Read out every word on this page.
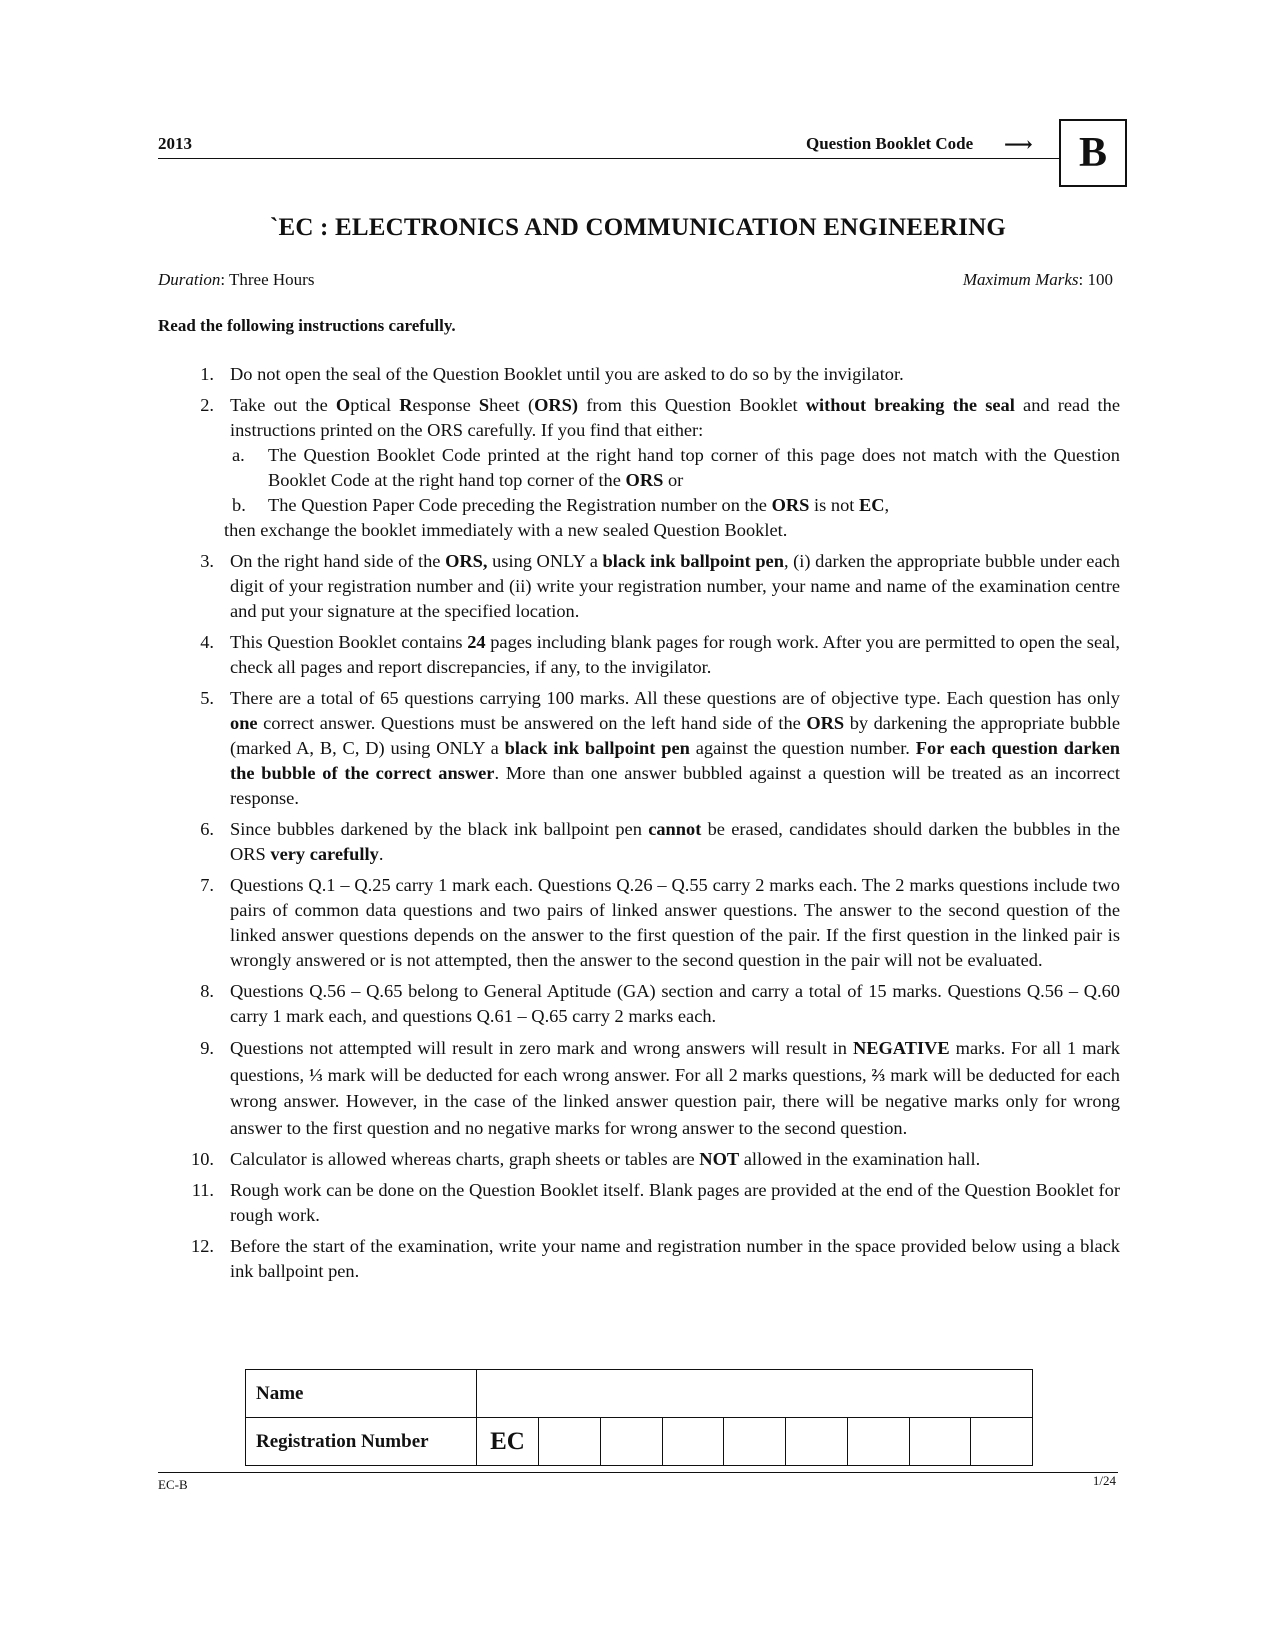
2013	Question Booklet Code ⟶	B
`EC : ELECTRONICS AND COMMUNICATION ENGINEERING
Duration: Three Hours	Maximum Marks: 100
Read the following instructions carefully.
1. Do not open the seal of the Question Booklet until you are asked to do so by the invigilator.
2. Take out the Optical Response Sheet (ORS) from this Question Booklet without breaking the seal and read the instructions printed on the ORS carefully. If you find that either:
a. The Question Booklet Code printed at the right hand top corner of this page does not match with the Question Booklet Code at the right hand top corner of the ORS or
b. The Question Paper Code preceding the Registration number on the ORS is not EC,
then exchange the booklet immediately with a new sealed Question Booklet.
3. On the right hand side of the ORS, using ONLY a black ink ballpoint pen, (i) darken the appropriate bubble under each digit of your registration number and (ii) write your registration number, your name and name of the examination centre and put your signature at the specified location.
4. This Question Booklet contains 24 pages including blank pages for rough work. After you are permitted to open the seal, check all pages and report discrepancies, if any, to the invigilator.
5. There are a total of 65 questions carrying 100 marks. All these questions are of objective type. Each question has only one correct answer. Questions must be answered on the left hand side of the ORS by darkening the appropriate bubble (marked A, B, C, D) using ONLY a black ink ballpoint pen against the question number. For each question darken the bubble of the correct answer. More than one answer bubbled against a question will be treated as an incorrect response.
6. Since bubbles darkened by the black ink ballpoint pen cannot be erased, candidates should darken the bubbles in the ORS very carefully.
7. Questions Q.1 – Q.25 carry 1 mark each. Questions Q.26 – Q.55 carry 2 marks each. The 2 marks questions include two pairs of common data questions and two pairs of linked answer questions. The answer to the second question of the linked answer questions depends on the answer to the first question of the pair. If the first question in the linked pair is wrongly answered or is not attempted, then the answer to the second question in the pair will not be evaluated.
8. Questions Q.56 – Q.65 belong to General Aptitude (GA) section and carry a total of 15 marks. Questions Q.56 – Q.60 carry 1 mark each, and questions Q.61 – Q.65 carry 2 marks each.
9. Questions not attempted will result in zero mark and wrong answers will result in NEGATIVE marks. For all 1 mark questions, ⅓ mark will be deducted for each wrong answer. For all 2 marks questions, ⅔ mark will be deducted for each wrong answer. However, in the case of the linked answer question pair, there will be negative marks only for wrong answer to the first question and no negative marks for wrong answer to the second question.
10. Calculator is allowed whereas charts, graph sheets or tables are NOT allowed in the examination hall.
11. Rough work can be done on the Question Booklet itself. Blank pages are provided at the end of the Question Booklet for rough work.
12. Before the start of the examination, write your name and registration number in the space provided below using a black ink ballpoint pen.
Name									
Registration Number	EC								
EC-B	1/24
